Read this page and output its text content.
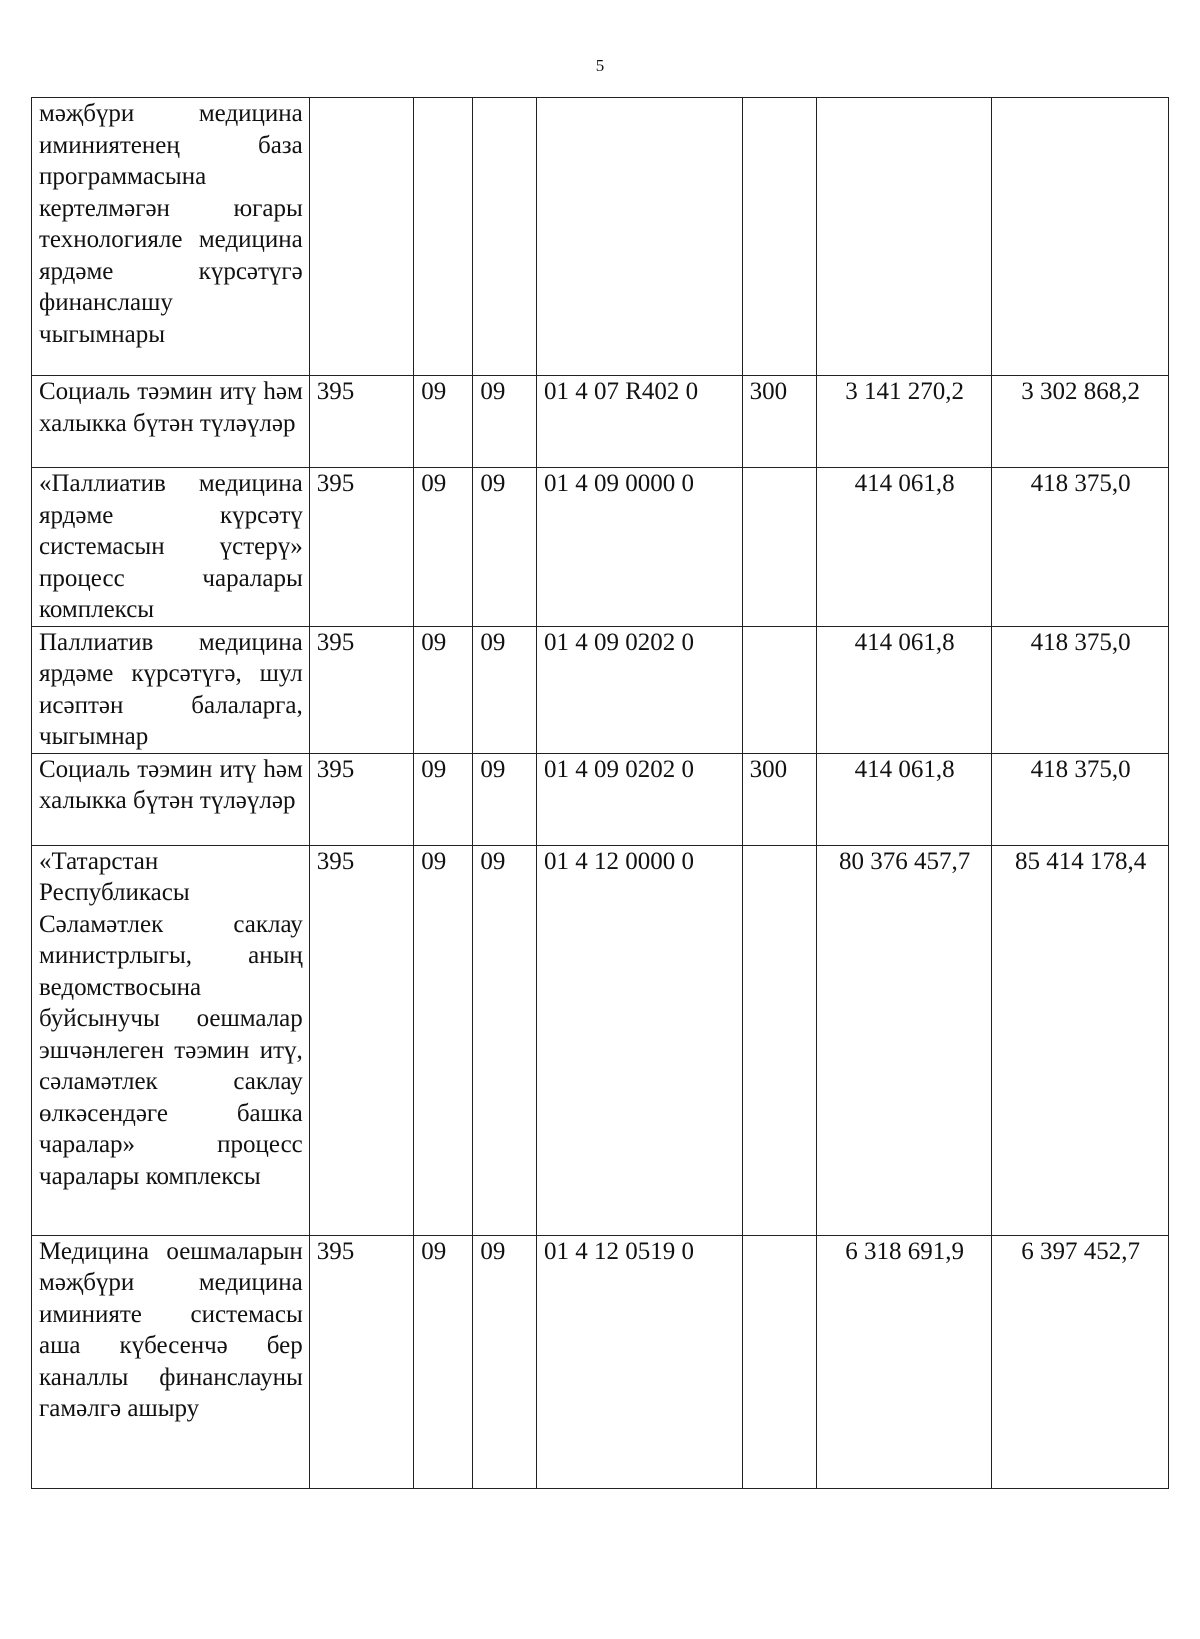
5
мәҗбүри медицина иминиятенең база программасына кертелмәгән югары технологияле медицина ярдәме күрсәтүгә финанслашу чыгымнары							
Социаль тәэмин итү һәм халыкка бүтән түләүләр	395	09	09	01 4 07 R402 0	300	3 141 270,2	3 302 868,2
«Паллиатив медицина ярдәме күрсәтү системасын үстерү» процесс чаралары комплексы	395	09	09	01 4 09 0000 0		414 061,8	418 375,0
Паллиатив медицина ярдәме күрсәтүгә, шул исәптән балаларга, чыгымнар	395	09	09	01 4 09 0202 0		414 061,8	418 375,0
Социаль тәэмин итү һәм халыкка бүтән түләүләр	395	09	09	01 4 09 0202 0	300	414 061,8	418 375,0
«Татарстан Республикасы Сәламәтлек саклау министрлыгы, аның ведомствосына буйсынучы оешмалар эшчәнлеген тәэмин итү, сәламәтлек саклау өлкәсендәге башка чаралар» процесс чаралары комплексы	395	09	09	01 4 12 0000 0		80 376 457,7	85 414 178,4
Медицина оешмаларын мәҗбүри медицина иминияте системасы аша күбесенчә бер каналлы финанслауны гамәлгә ашыру	395	09	09	01 4 12 0519 0		6 318 691,9	6 397 452,7
